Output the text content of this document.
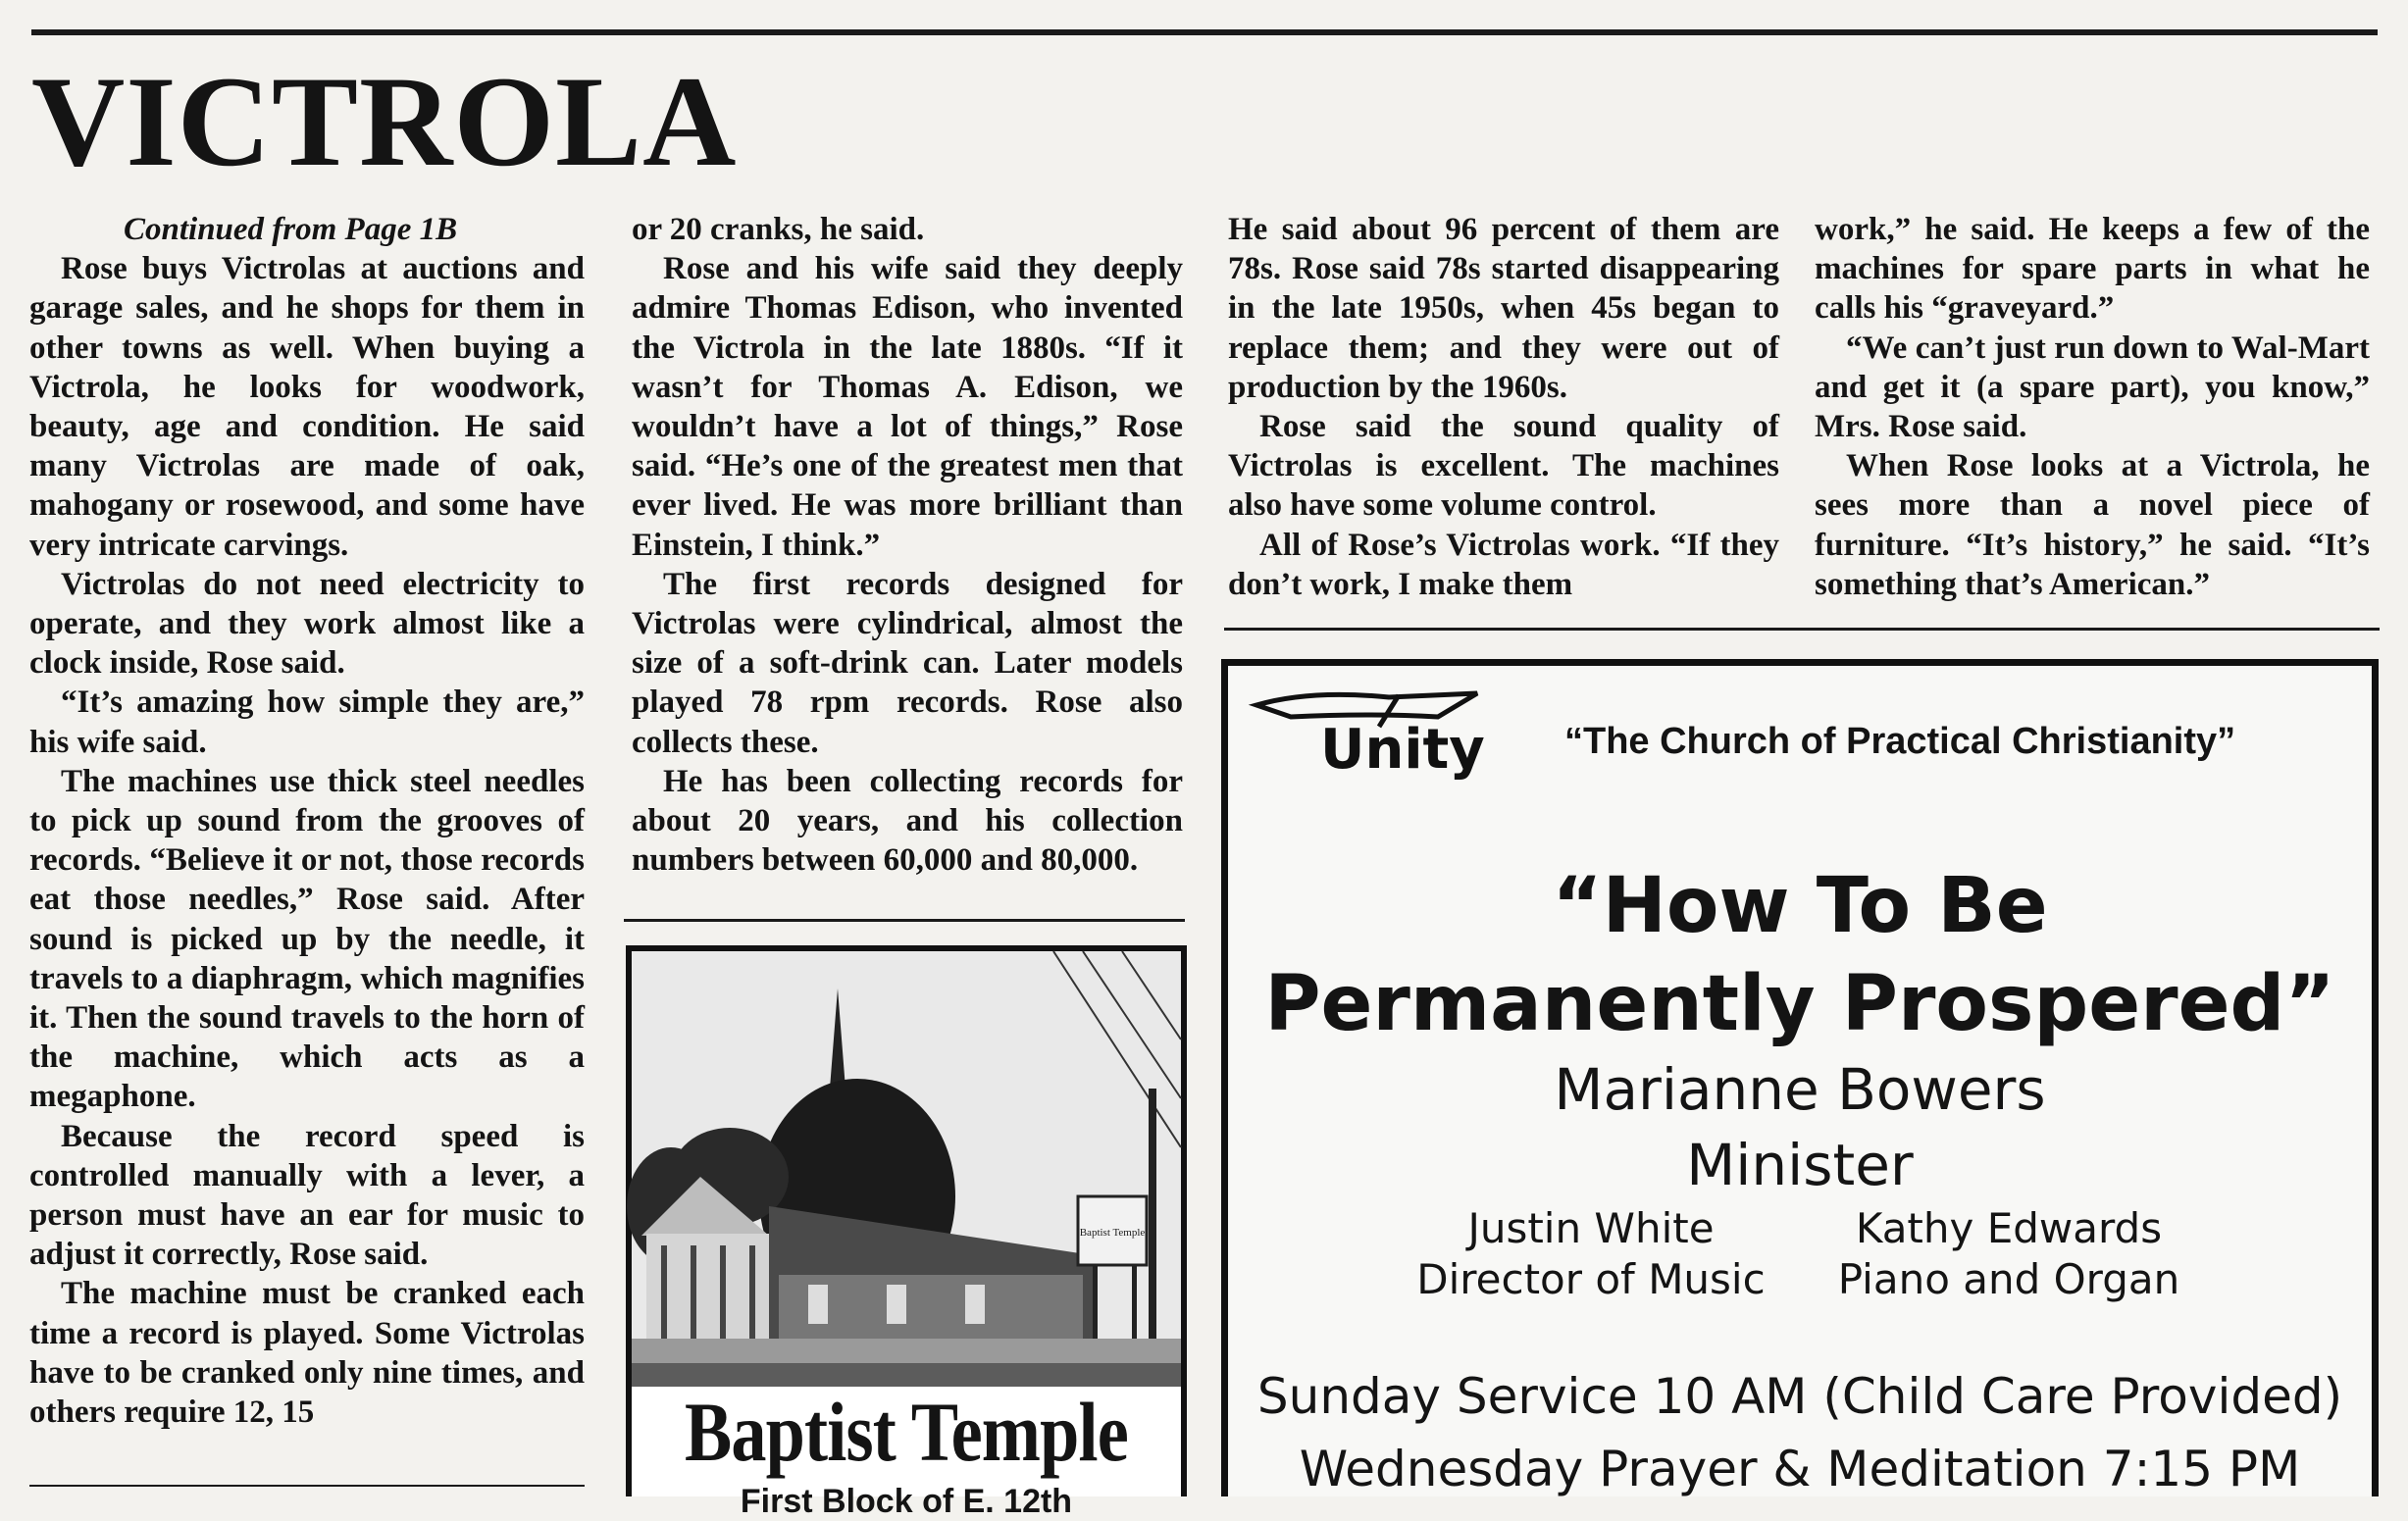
VICTROLA

Continued from Page 1B

Rose buys Victrolas at auctions and garage sales, and he shops for them in other towns as well. When buying a Victrola, he looks for woodwork, beauty, age and condition. He said many Victrolas are made of oak, mahogany or rosewood, and some have very intricate carvings.

Victrolas do not need electricity to operate, and they work almost like a clock inside, Rose said.

“It’s amazing how simple they are,” his wife said.

The machines use thick steel needles to pick up sound from the grooves of records. “Believe it or not, those records eat those needles,” Rose said. After sound is picked up by the needle, it travels to a diaphragm, which magnifies it. Then the sound travels to the horn of the machine, which acts as a megaphone.

Because the record speed is controlled manually with a lever, a person must have an ear for music to adjust it correctly, Rose said.

The machine must be cranked each time a record is played. Some Victrolas have to be cranked only nine times, and others require 12, 15

or 20 cranks, he said.

Rose and his wife said they deeply admire Thomas Edison, who invented the Victrola in the late 1880s. “If it wasn’t for Thomas A. Edison, we wouldn’t have a lot of things,” Rose said. “He’s one of the greatest men that ever lived. He was more brilliant than Einstein, I think.”

The first records designed for Victrolas were cylindrical, almost the size of a soft-drink can. Later models played 78 rpm records. Rose also collects these.

He has been collecting records for about 20 years, and his collection numbers between 60,000 and 80,000.

Baptist Temple
Baptist Temple
First Block of E. 12th

He said about 96 percent of them are 78s. Rose said 78s started disappearing in the late 1950s, when 45s began to replace them; and they were out of production by the 1960s.

Rose said the sound quality of Victrolas is excellent. The machines also have some volume control.

All of Rose’s Victrolas work. “If they don’t work, I make them

work,” he said. He keeps a few of the machines for spare parts in what he calls his “graveyard.”

“We can’t just run down to Wal-Mart and get it (a spare part), you know,” Mrs. Rose said.

When Rose looks at a Victrola, he sees more than a novel piece of furniture. “It’s history,” he said. “It’s something that’s American.”

Unity “The Church of Practical Christianity”
“How To Be
Permanently Prospered”
Marianne Bowers
Minister
Justin White
Director of Music
Kathy Edwards
Piano and Organ
Sunday Service 10 AM (Child Care Provided)
Wednesday Prayer & Meditation 7:15 PM
